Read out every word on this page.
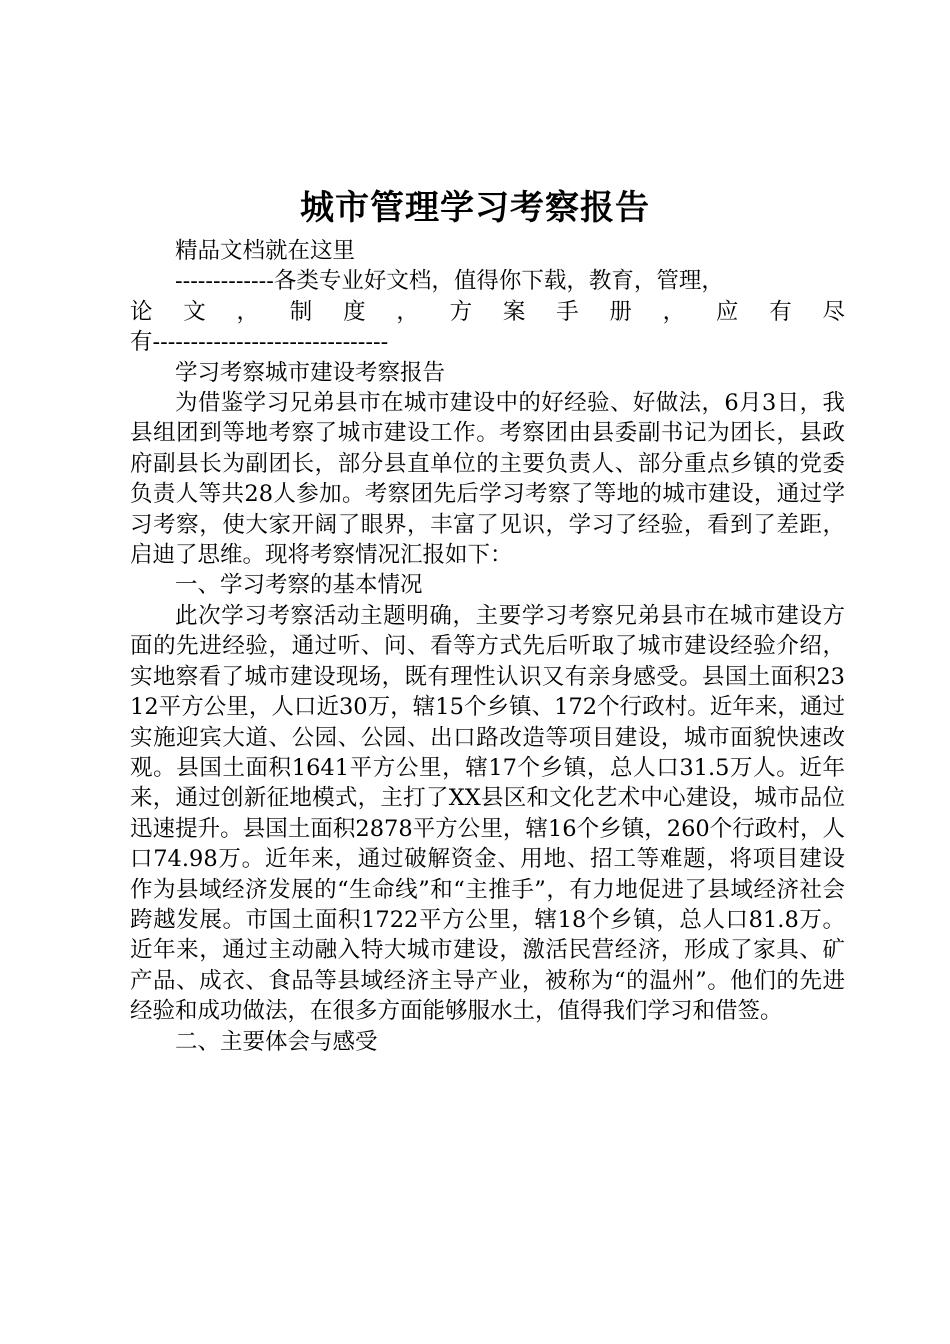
城市管理学习考察报告

精品文档就在这里

-------------各类专业好文档，值得你下载，教育，管理，

论 文 ， 制 度 ， 方 案 手 册 ， 应 有 尽

有-------------------------------

学习考察城市建设考察报告

为借鉴学习兄弟县市在城市建设中的好经验、好做法，6月3日，我县组团到等地考察了城市建设工作。考察团由县委副书记为团长，县政府副县长为副团长，部分县直单位的主要负责人、部分重点乡镇的党委负责人等共28人参加。考察团先后学习考察了等地的城市建设，通过学习考察，使大家开阔了眼界，丰富了见识，学习了经验，看到了差距，启迪了思维。现将考察情况汇报如下：

一、学习考察的基本情况

此次学习考察活动主题明确，主要学习考察兄弟县市在城市建设方面的先进经验，通过听、问、看等方式先后听取了城市建设经验介绍，实地察看了城市建设现场，既有理性认识又有亲身感受。县国土面积2312平方公里，人口近30万，辖15个乡镇、172个行政村。近年来，通过实施迎宾大道、公园、公园、出口路改造等项目建设，城市面貌快速改观。县国土面积1641平方公里，辖17个乡镇，总人口31.5万人。近年来，通过创新征地模式，主打了XX县区和文化艺术中心建设，城市品位迅速提升。县国土面积2878平方公里，辖16个乡镇，260个行政村，人口74.98万。近年来，通过破解资金、用地、招工等难题，将项目建设作为县域经济发展的“生命线”和“主推手”，有力地促进了县域经济社会跨越发展。市国土面积1722平方公里，辖18个乡镇，总人口81.8万。近年来，通过主动融入特大城市建设，激活民营经济，形成了家具、矿产品、成衣、食品等县域经济主导产业，被称为“的温州”。他们的先进经验和成功做法，在很多方面能够服水土，值得我们学习和借签。

二、主要体会与感受
